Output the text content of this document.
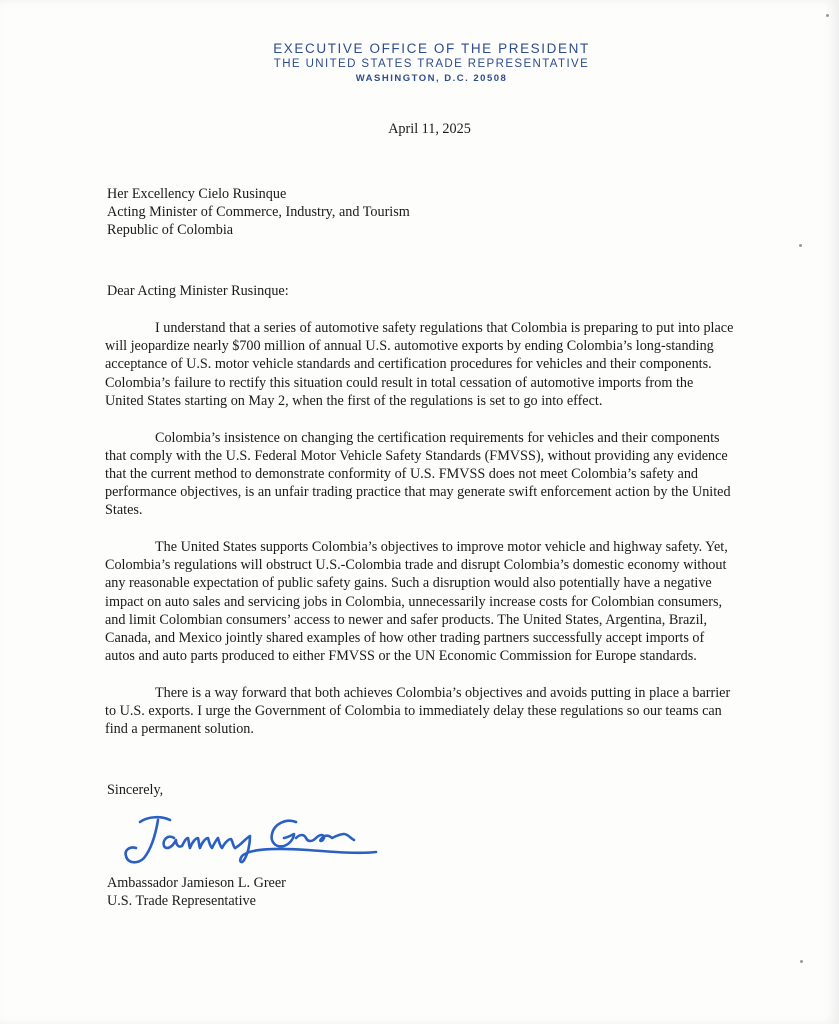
EXECUTIVE OFFICE OF THE PRESIDENT
THE UNITED STATES TRADE REPRESENTATIVE
WASHINGTON, D.C. 20508
April 11, 2025
Her Excellency Cielo Rusinque
Acting Minister of Commerce, Industry, and Tourism
Republic of Colombia
Dear Acting Minister Rusinque:

I understand that a series of automotive safety regulations that Colombia is preparing to put into place will jeopardize nearly $700 million of annual U.S. automotive exports by ending Colombia’s long-standing acceptance of U.S. motor vehicle standards and certification procedures for vehicles and their components. Colombia’s failure to rectify this situation could result in total cessation of automotive imports from the United States starting on May 2, when the first of the regulations is set to go into effect.

Colombia’s insistence on changing the certification requirements for vehicles and their components that comply with the U.S. Federal Motor Vehicle Safety Standards (FMVSS), without providing any evidence that the current method to demonstrate conformity of U.S. FMVSS does not meet Colombia’s safety and performance objectives, is an unfair trading practice that may generate swift enforcement action by the United States.

The United States supports Colombia’s objectives to improve motor vehicle and highway safety. Yet, Colombia’s regulations will obstruct U.S.-Colombia trade and disrupt Colombia’s domestic economy without any reasonable expectation of public safety gains. Such a disruption would also potentially have a negative impact on auto sales and servicing jobs in Colombia, unnecessarily increase costs for Colombian consumers, and limit Colombian consumers’ access to newer and safer products. The United States, Argentina, Brazil, Canada, and Mexico jointly shared examples of how other trading partners successfully accept imports of autos and auto parts produced to either FMVSS or the UN Economic Commission for Europe standards.

There is a way forward that both achieves Colombia’s objectives and avoids putting in place a barrier to U.S. exports. I urge the Government of Colombia to immediately delay these regulations so our teams can find a permanent solution.

Sincerely,
Ambassador Jamieson L. Greer
U.S. Trade Representative
